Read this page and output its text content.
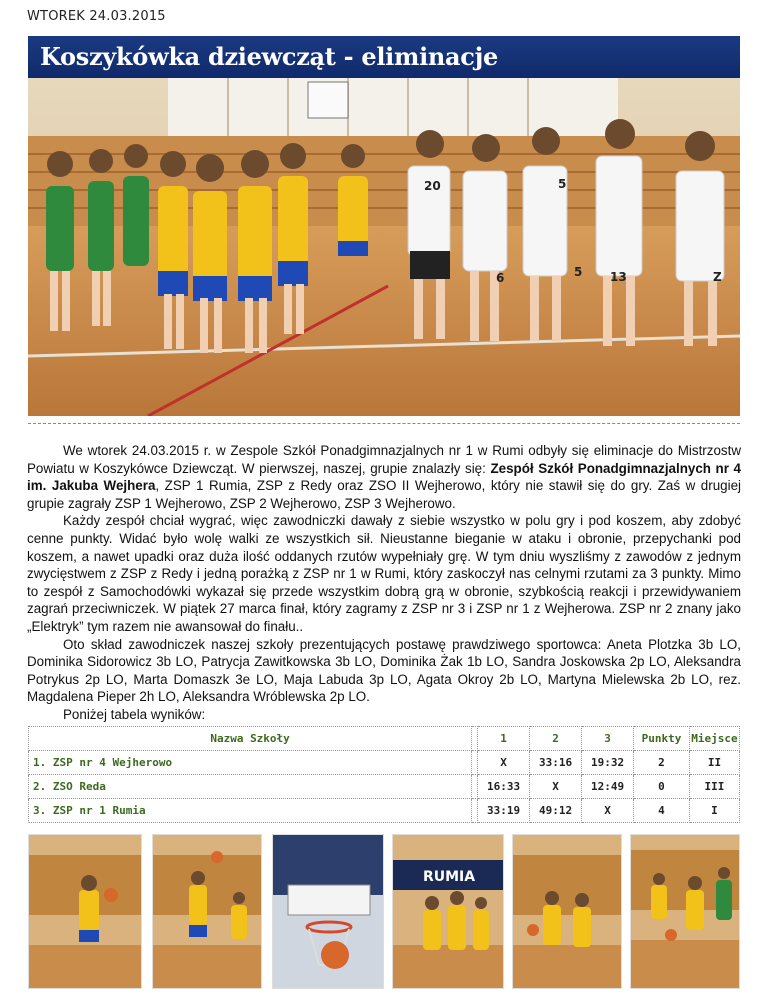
WTOREK 24.03.2015
20	5
5
6	13	Z
Koszykówka dziewcząt - eliminacje

We wtorek 24.03.2015 r. w Zespole Szkół Ponadgimnazjalnych nr 1 w Rumi odbyły się eliminacje do Mistrzostw Powiatu w Koszykówce Dziewcząt. W pierwszej, naszej, grupie znalazły się: Zespół Szkół Ponadgimnazjalnych nr 4 im. Jakuba Wejhera, ZSP 1 Rumia, ZSP z Redy oraz ZSO II Wejherowo, który nie stawił się do gry. Zaś w drugiej grupie zagrały ZSP 1 Wejherowo, ZSP 2 Wejherowo, ZSP 3 Wejherowo.

Każdy zespół chciał wygrać, więc zawodniczki dawały z siebie wszystko w polu gry i pod koszem, aby zdobyć cenne punkty. Widać było wolę walki ze wszystkich sił. Nieustanne bieganie w ataku i obronie, przepychanki pod koszem, a nawet upadki oraz duża ilość oddanych rzutów wypełniały grę. W tym dniu wyszliśmy z zawodów z jednym zwycięstwem z ZSP z Redy i jedną porażką z ZSP nr 1 w Rumi, który zaskoczył nas celnymi rzutami za 3 punkty. Mimo to zespół z Samochodówki wykazał się przede wszystkim dobrą grą w obronie, szybkością reakcji i przewidywaniem zagrań przeciwniczek. W piątek 27 marca finał, który zagramy z ZSP nr 3 i ZSP nr 1 z Wejherowa. ZSP nr 2 znany jako „Elektryk” tym razem nie awansował do finału..

Oto skład zawodniczek naszej szkoły prezentujących postawę prawdziwego sportowca: Aneta Plotzka 3b LO, Dominika Sidorowicz 3b LO, Patrycja Zawitkowska 3b LO, Dominika Żak 1b LO, Sandra Joskowska 2p LO, Aleksandra Potrykus 2p LO, Marta Domaszk 3e LO, Maja Labuda 3p LO, Agata Okroy 2b LO, Martyna Mielewska 2b LO, rez. Magdalena Pieper 2h LO, Aleksandra Wróblewska 2p LO.

Poniżej tabela wyników:

Nazwa Szkoły		1	2	3	Punkty	Miejsce
1. ZSP nr 4 Wejherowo		X	33:16	19:32	2	II
2. ZSO Reda		16:33	X	12:49	0	III
3. ZSP nr 1 Rumia		33:19	49:12	X	4	I
RUMIA
